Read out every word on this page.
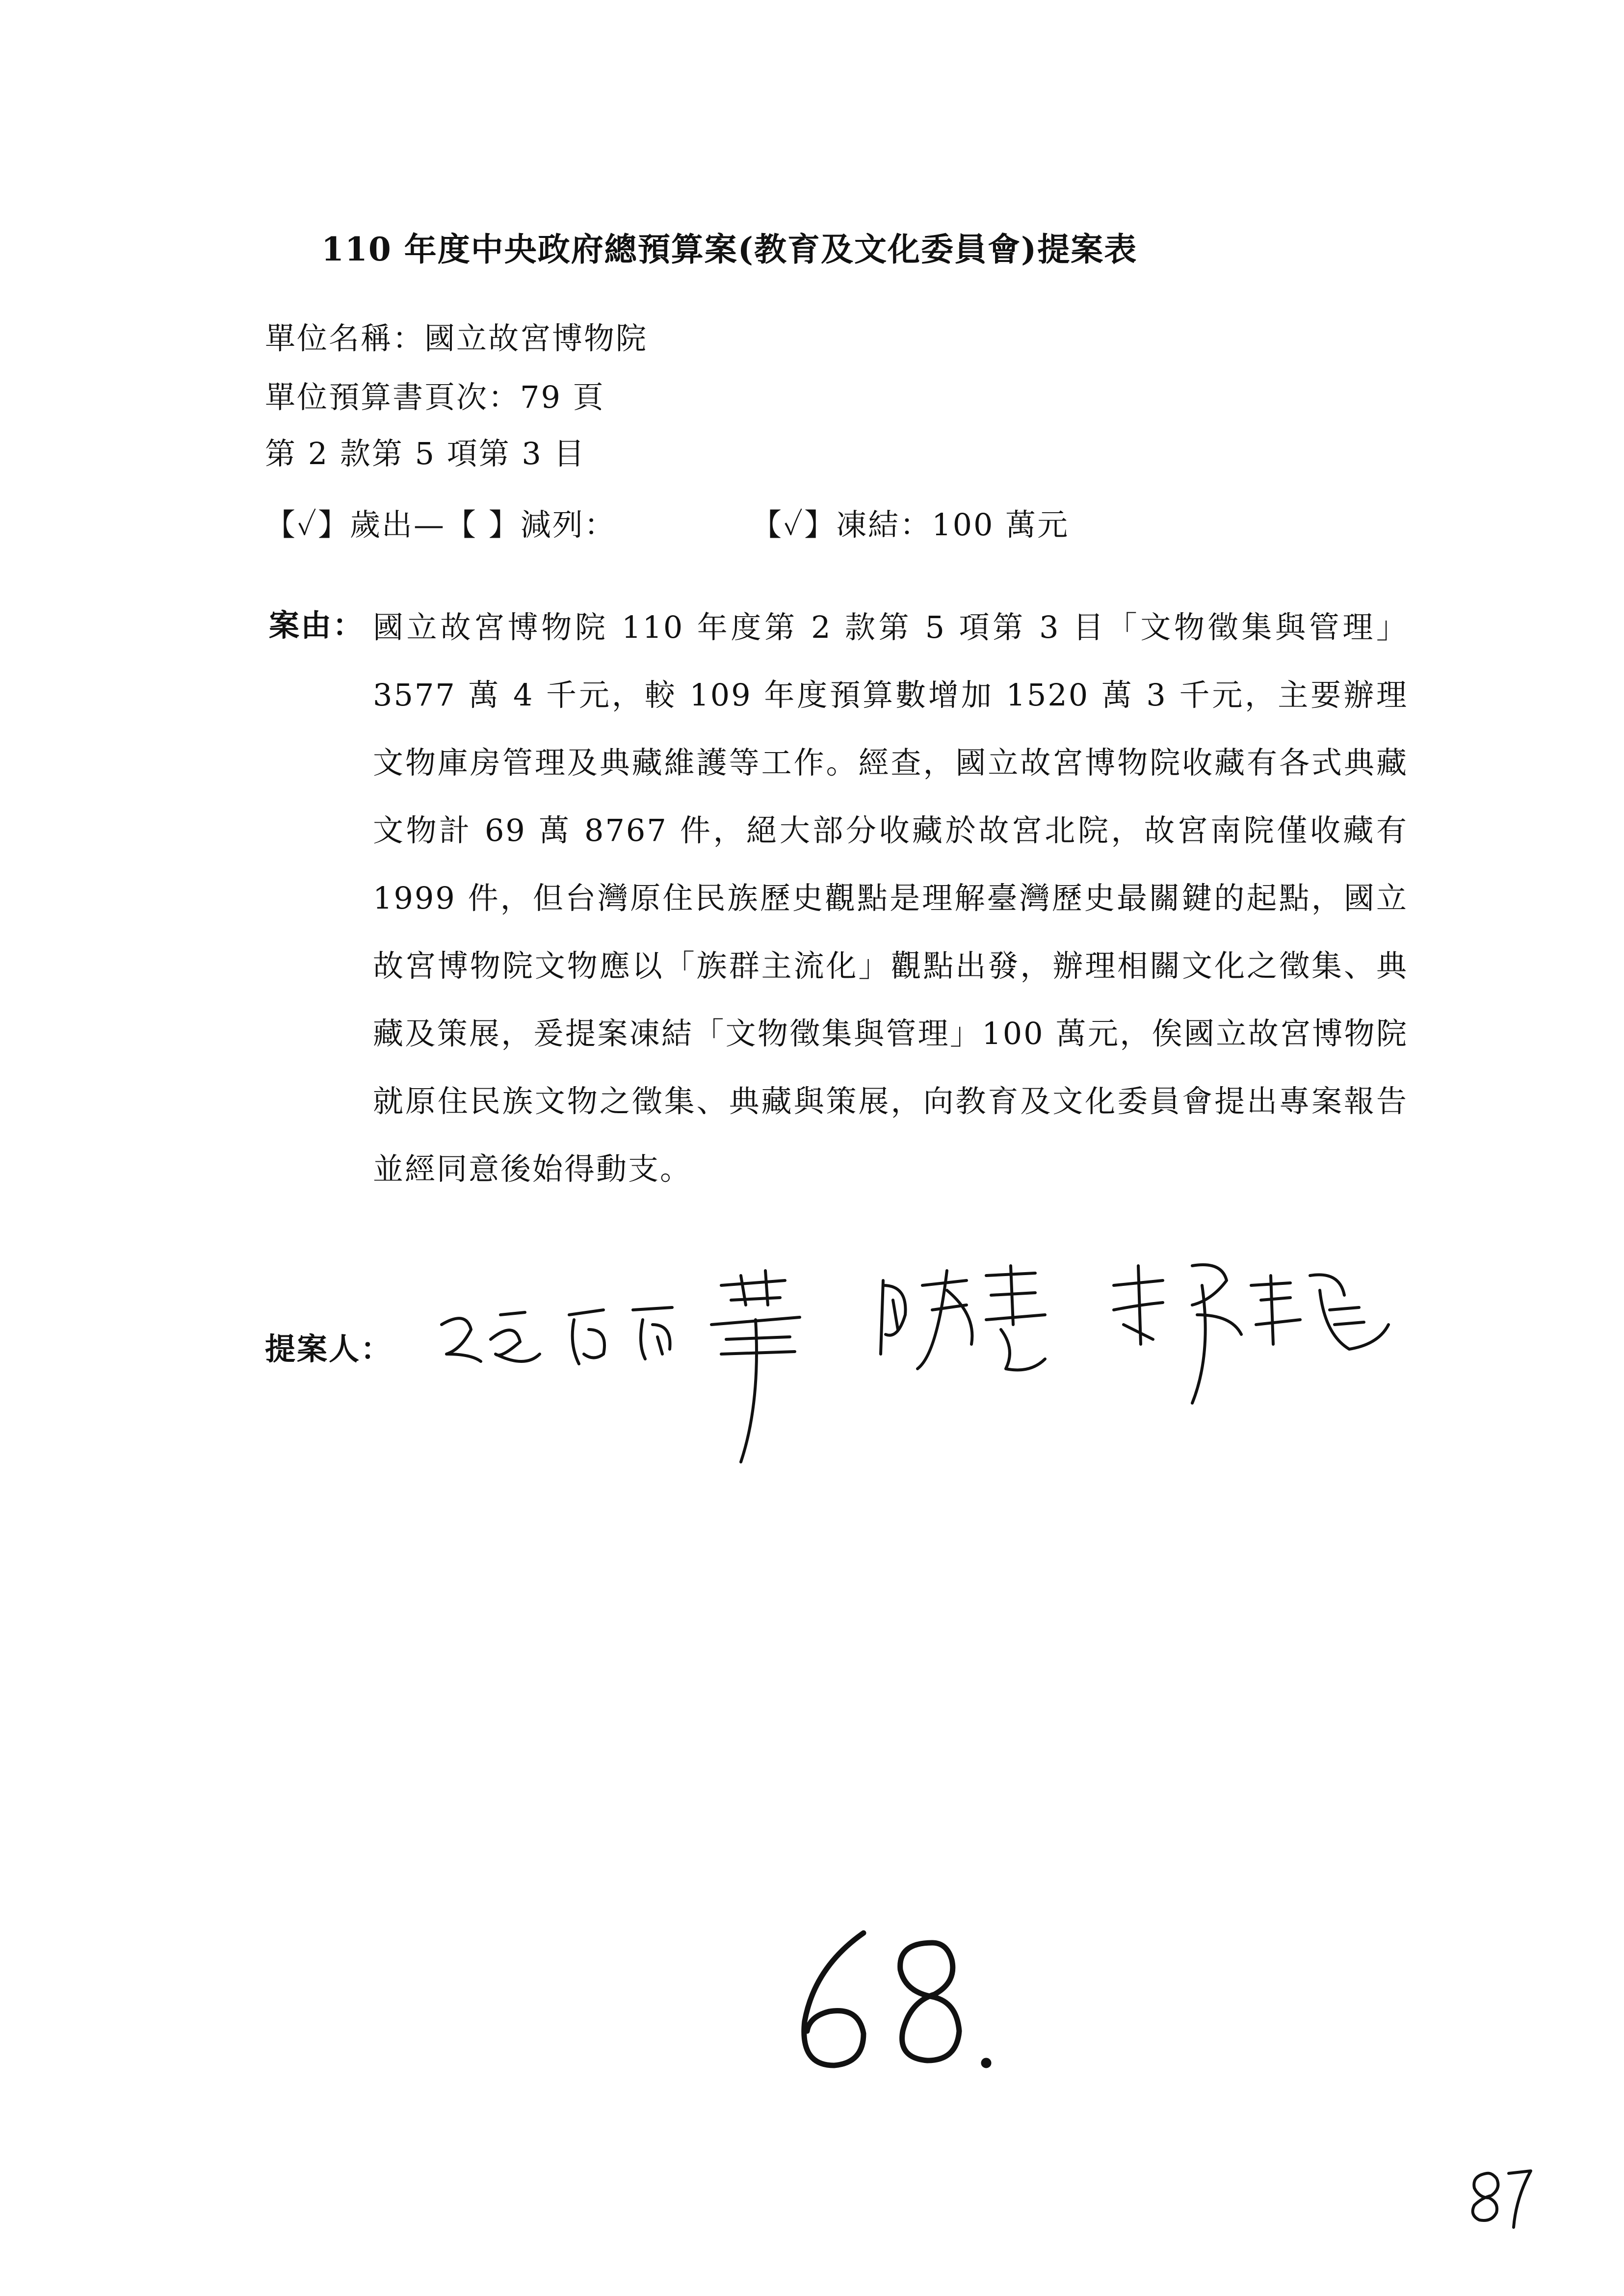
110 年度中央政府總預算案(教育及文化委員會)提案表
單位名稱：國立故宮博物院
單位預算書頁次：79 頁
第 2 款第 5 項第 3 目
【✓】歲出—【 】減列：	【✓】凍結：100 萬元
案由： 國立故宮博物院 110 年度第 2 款第 5 項第 3 目「文物徵集與管理」3577 萬 4 千元，較 109 年度預算數增加 1520 萬 3 千元，主要辦理文物庫房管理及典藏維護等工作。經查，國立故宮博物院收藏有各式典藏文物計 69 萬 8767 件，絕大部分收藏於故宮北院，故宮南院僅收藏有 1999 件，但台灣原住民族歷史觀點是理解臺灣歷史最關鍵的起點，國立故宮博物院文物應以「族群主流化」觀點出發，辦理相關文化之徵集、典藏及策展，爰提案凍結「文物徵集與管理」100 萬元，俟國立故宮博物院就原住民族文物之徵集、典藏與策展，向教育及文化委員會提出專案報告並經同意後始得動支。
提案人：
